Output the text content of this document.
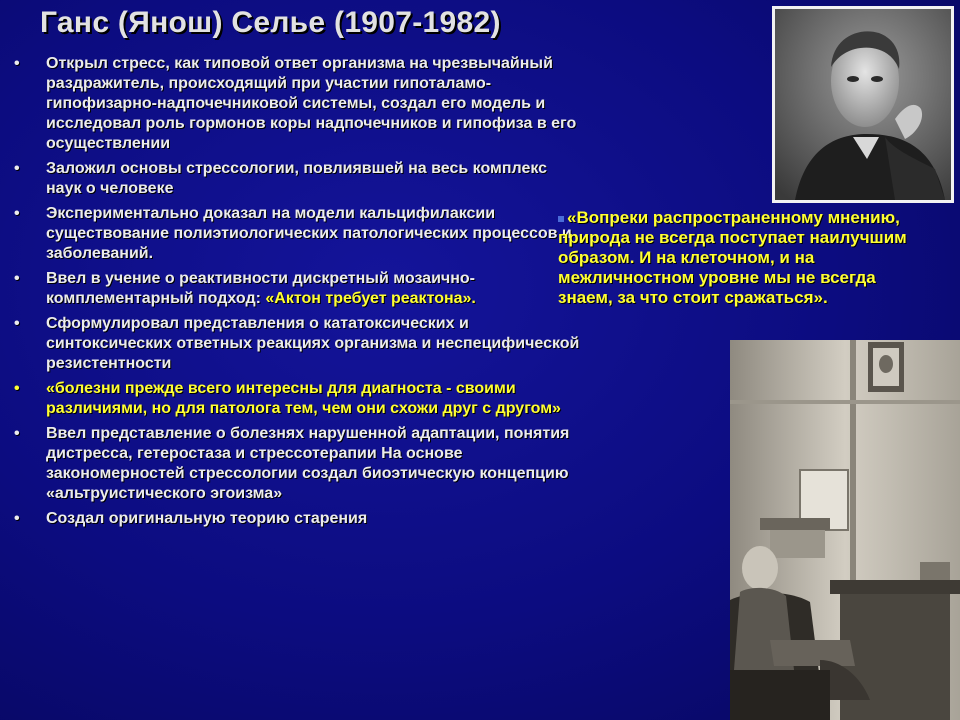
Ганс (Янош) Селье (1907-1982)
• Открыл стресс, как типовой ответ организма на чрезвычайный раздражитель, происходящий при участии гипоталамо-гипофизарно-надпочечниковой системы, создал его модель и исследовал роль гормонов коры надпочечников и гипофиза в его осуществлении
• Заложил основы стрессологии, повлиявшей на весь комплекс наук о человеке
• Экспериментально доказал на модели кальцифилаксии существование полиэтиологических патологических процессов и заболеваний.
• Ввел в учение о реактивности дискретный мозаично-комплементарный подход: «Актон требует реактона».
• Сформулировал представления о кататоксических и синтоксических ответных реакциях организма и неспецифической резистентности
• «болезни прежде всего интересны для диагноста - своими различиями, но для патолога тем, чем они схожи друг с другом»
• Ввел представление о болезнях нарушенной адаптации, понятия дистресса, гетеростаза и стрессотерапии На основе закономерностей стрессологии создал биоэтическую концепцию «альтруистического эгоизма»
• Создал оригинальную теорию старения
«Вопреки распространенному мнению, природа не всегда поступает наилучшим образом. И на клеточном, и на межличностном уровне мы не всегда знаем, за что стоит сражаться».
